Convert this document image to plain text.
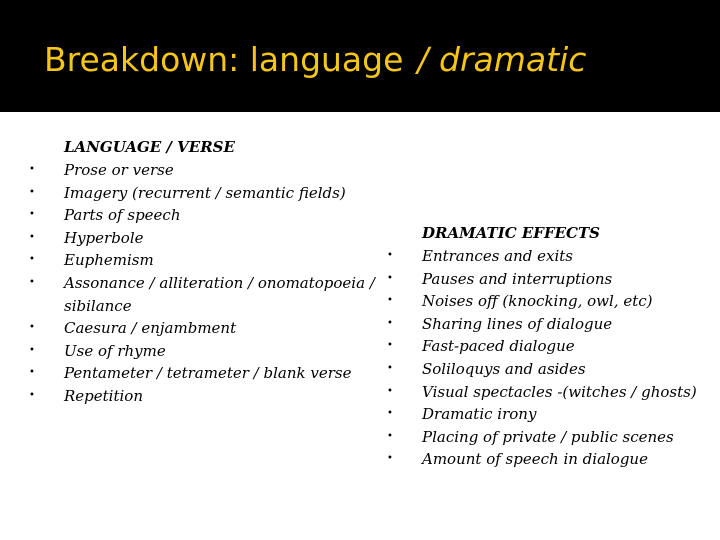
Breakdown: language / dramatic
LANGUAGE / VERSE
• Prose or verse
• Imagery (recurrent / semantic fields)
• Parts of speech
• Hyperbole
• Euphemism
• Assonance / alliteration / onomatopoeia / sibilance
• Caesura / enjambment
• Use of rhyme
• Pentameter / tetrameter / blank verse
• Repetition
DRAMATIC EFFECTS
• Entrances and exits
• Pauses and interruptions
• Noises off (knocking, owl, etc)
• Sharing lines of dialogue
• Fast-paced dialogue
• Soliloquys and asides
• Visual spectacles -(witches / ghosts)
• Dramatic irony
• Placing of private / public scenes
• Amount of speech in dialogue
